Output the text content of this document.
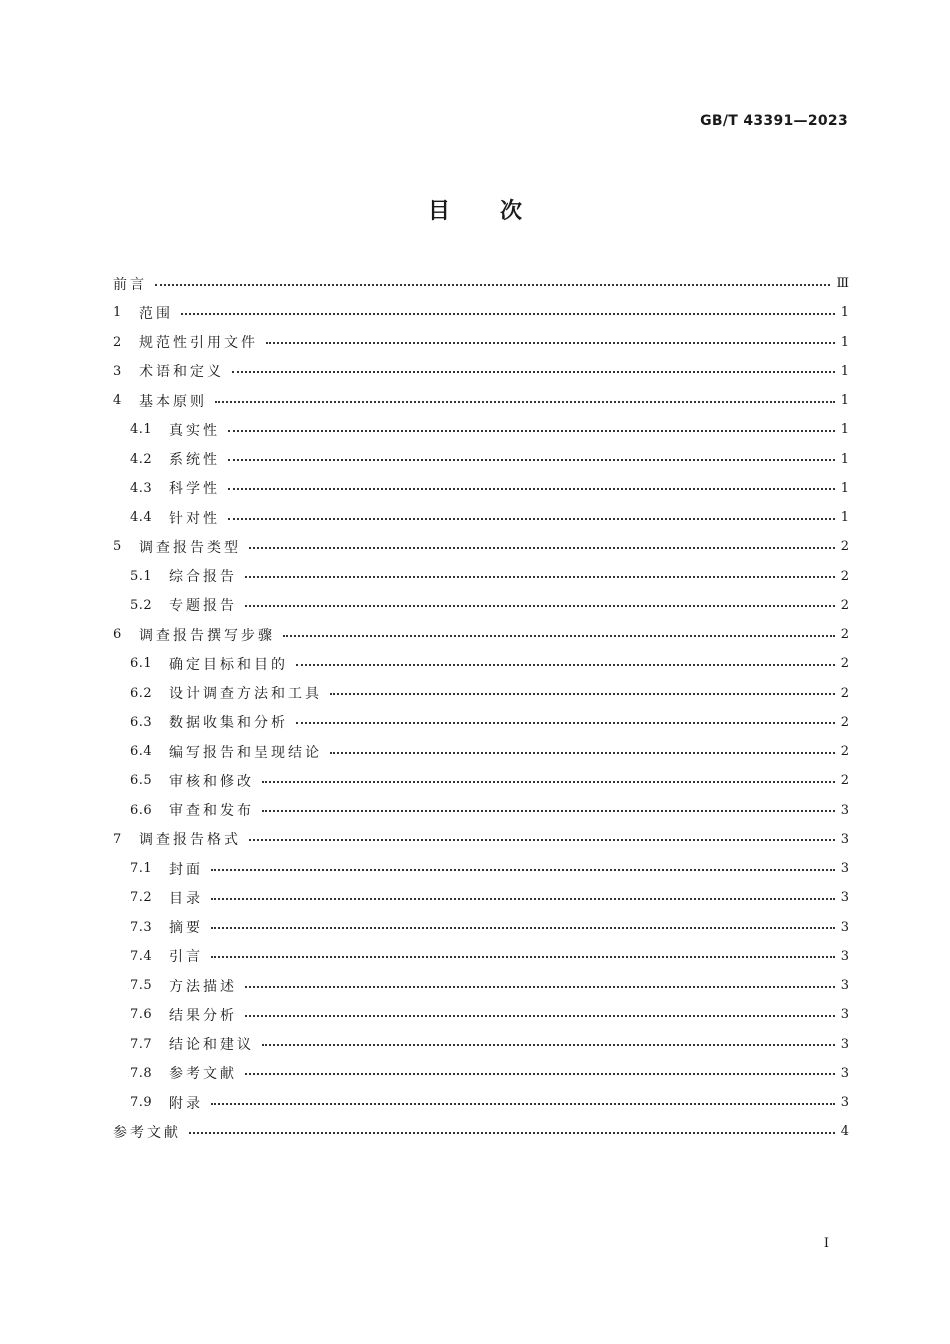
GB/T 43391—2023
目次
前言	Ⅲ
1	范围	1
2	规范性引用文件	1
3	术语和定义	1
4	基本原则	1
4.1	真实性	1
4.2	系统性	1
4.3	科学性	1
4.4	针对性	1
5	调查报告类型	2
5.1	综合报告	2
5.2	专题报告	2
6	调查报告撰写步骤	2
6.1	确定目标和目的	2
6.2	设计调查方法和工具	2
6.3	数据收集和分析	2
6.4	编写报告和呈现结论	2
6.5	审核和修改	2
6.6	审查和发布	3
7	调查报告格式	3
7.1	封面	3
7.2	目录	3
7.3	摘要	3
7.4	引言	3
7.5	方法描述	3
7.6	结果分析	3
7.7	结论和建议	3
7.8	参考文献	3
7.9	附录	3
参考文献	4
Ⅰ
